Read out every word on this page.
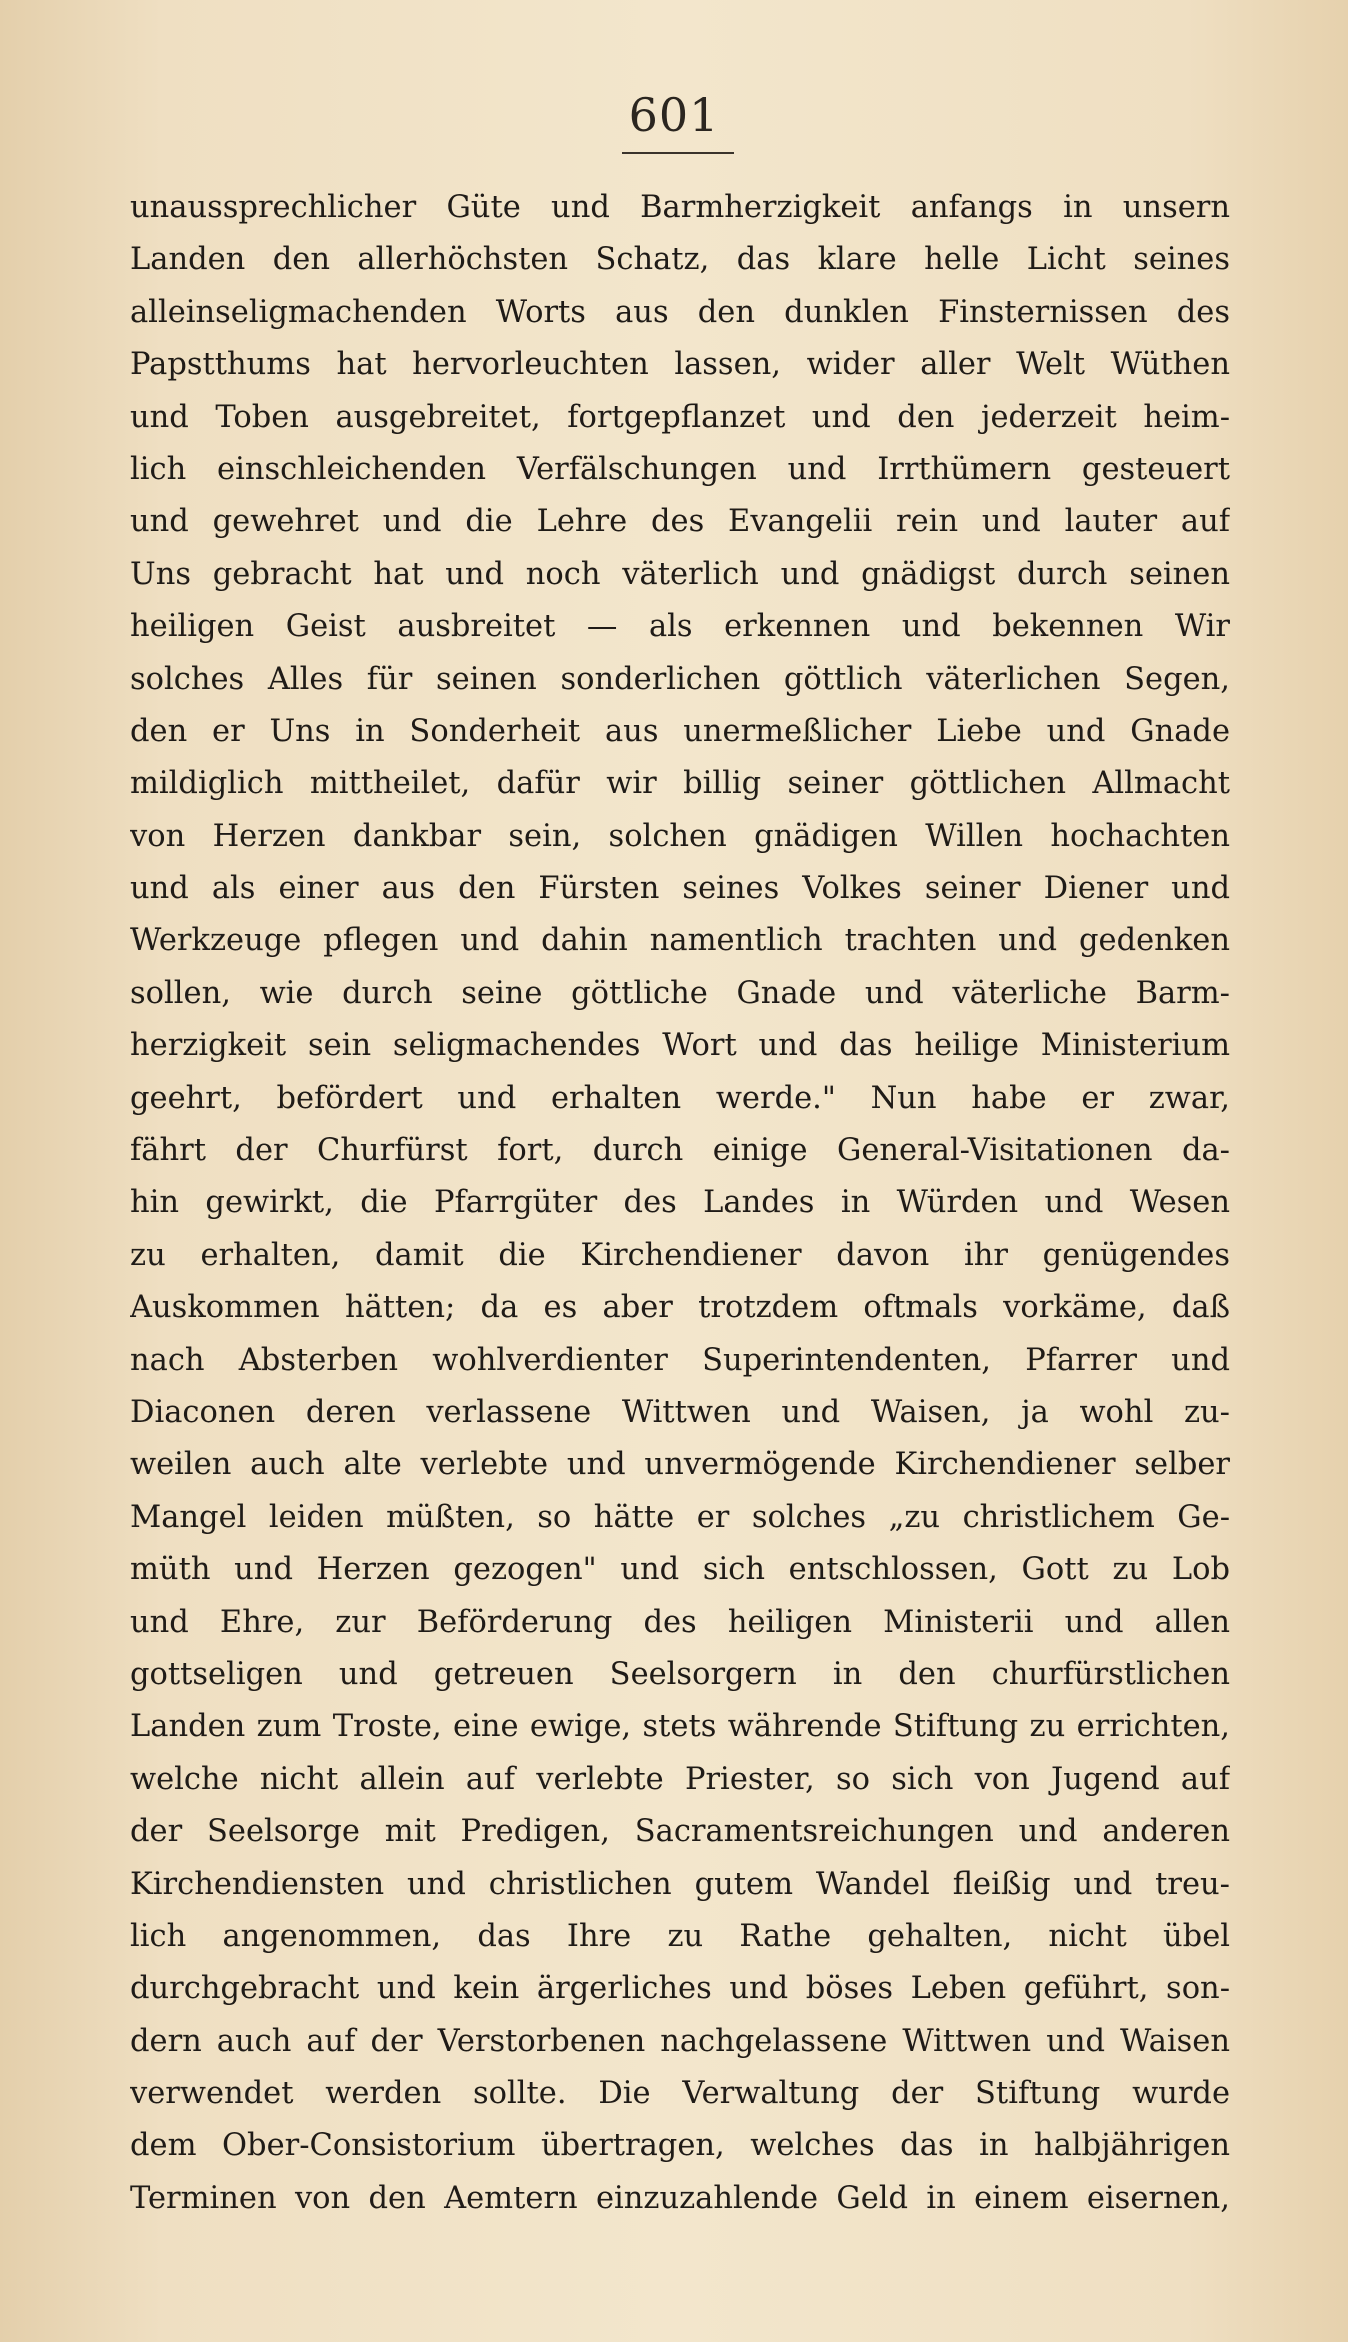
601
unaussprechlicher Güte und Barmherzigkeit anfangs in unsern
Landen den allerhöchsten Schatz, das klare helle Licht seines
alleinseligmachenden Worts aus den dunklen Finsternissen des
Papstthums hat hervorleuchten lassen, wider aller Welt Wüthen
und Toben ausgebreitet, fortgepflanzet und den jederzeit heim-
lich einschleichenden Verfälschungen und Irrthümern gesteuert
und gewehret und die Lehre des Evangelii rein und lauter auf
Uns gebracht hat und noch väterlich und gnädigst durch seinen
heiligen Geist ausbreitet — als erkennen und bekennen Wir
solches Alles für seinen sonderlichen göttlich väterlichen Segen,
den er Uns in Sonderheit aus unermeßlicher Liebe und Gnade
mildiglich mittheilet, dafür wir billig seiner göttlichen Allmacht
von Herzen dankbar sein, solchen gnädigen Willen hochachten
und als einer aus den Fürsten seines Volkes seiner Diener und
Werkzeuge pflegen und dahin namentlich trachten und gedenken
sollen, wie durch seine göttliche Gnade und väterliche Barm-
herzigkeit sein seligmachendes Wort und das heilige Ministerium
geehrt, befördert und erhalten werde." Nun habe er zwar,
fährt der Churfürst fort, durch einige General-Visitationen da-
hin gewirkt, die Pfarrgüter des Landes in Würden und Wesen
zu erhalten, damit die Kirchendiener davon ihr genügendes
Auskommen hätten; da es aber trotzdem oftmals vorkäme, daß
nach Absterben wohlverdienter Superintendenten, Pfarrer und
Diaconen deren verlassene Wittwen und Waisen, ja wohl zu-
weilen auch alte verlebte und unvermögende Kirchendiener selber
Mangel leiden müßten, so hätte er solches „zu christlichem Ge-
müth und Herzen gezogen" und sich entschlossen, Gott zu Lob
und Ehre, zur Beförderung des heiligen Ministerii und allen
gottseligen und getreuen Seelsorgern in den churfürstlichen
Landen zum Troste, eine ewige, stets währende Stiftung zu errichten,
welche nicht allein auf verlebte Priester, so sich von Jugend auf
der Seelsorge mit Predigen, Sacramentsreichungen und anderen
Kirchendiensten und christlichen gutem Wandel fleißig und treu-
lich angenommen, das Ihre zu Rathe gehalten, nicht übel
durchgebracht und kein ärgerliches und böses Leben geführt, son-
dern auch auf der Verstorbenen nachgelassene Wittwen und Waisen
verwendet werden sollte. Die Verwaltung der Stiftung wurde
dem Ober-Consistorium übertragen, welches das in halbjährigen
Terminen von den Aemtern einzuzahlende Geld in einem eisernen,
